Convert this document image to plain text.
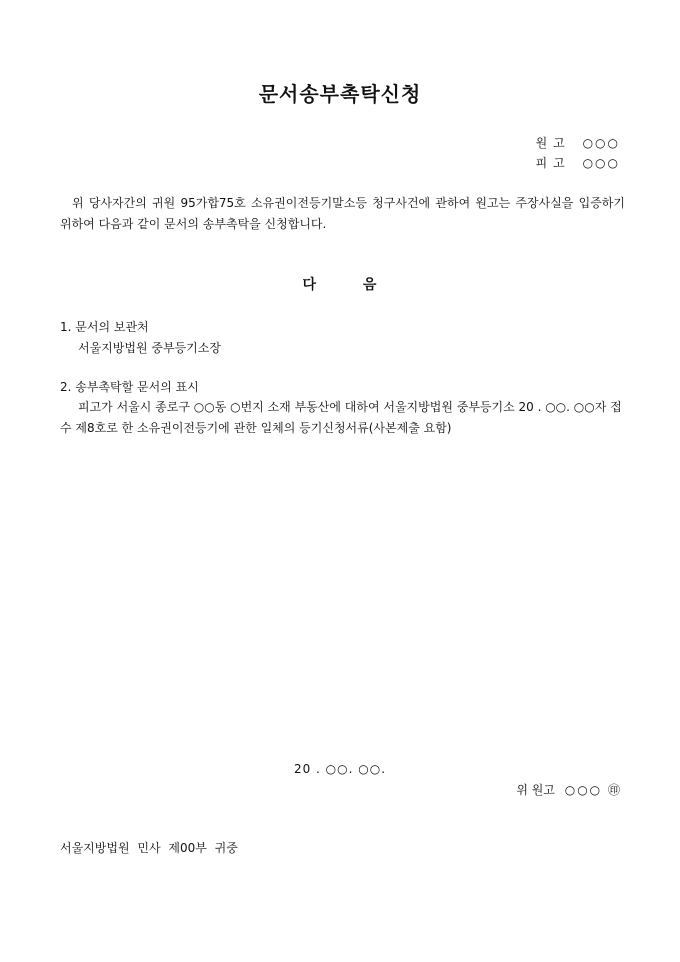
문서송부촉탁신청
원고 ○○○
피고 ○○○
위 당사자간의 귀원 95가합75호 소유권이전등기말소등 청구사건에 관하여 원고는 주장사실을 입증하기 위하여 다음과 같이 문서의 송부촉탁을 신청합니다.
다 음
1. 문서의 보관처
서울지방법원 중부등기소장
2. 송부촉탁할 문서의 표시
피고가 서울시 종로구 ○○동 ○번지 소재 부동산에 대하여 서울지방법원 중부등기소 20 . ○○. ○○자 접수 제8호로 한 소유권이전등기에 관한 일체의 등기신청서류(사본제출 요함)
20 . ○○. ○○.
위 원고 ○○○ ㊞
서울지방법원 민사 제00부 귀중
